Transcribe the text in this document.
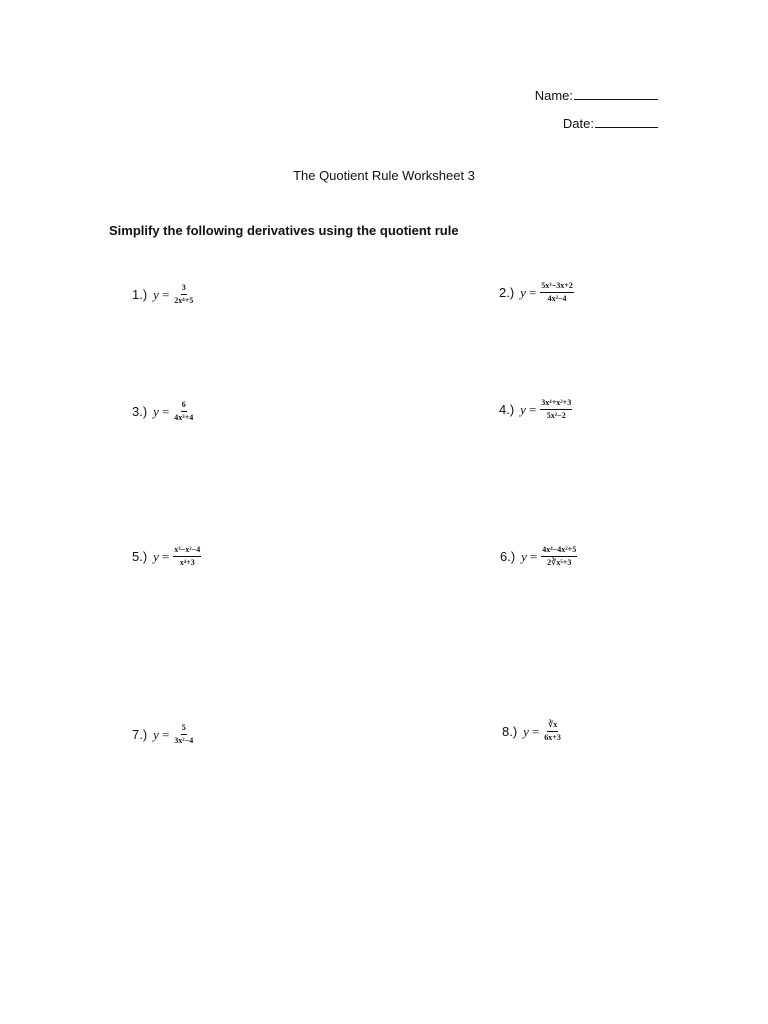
Name:
Date:
The Quotient Rule Worksheet 3
Simplify the following derivatives using the quotient rule
1.) $y = \frac{3}{\text{2x⁴+5}}$	2.) $y = \frac{\text{5x³−3x+2}}{\text{4x²−4}}$
3.) $y = \frac{6}{\text{4x³+4}}$	4.) $y = \frac{\text{3x⁴+x²+3}}{\text{5x²−2}}$
5.) $y = \frac{\text{x³−x²−4}}{\text{x⁴+3}}$	6.) $y = \frac{\text{4x⁴−4x²+5}}{\text{2∛x⁵+3}}$
7.) $y = \frac{5}{\text{3x²−4}}$	8.) $y = \frac{∛x}{6x+3}$
